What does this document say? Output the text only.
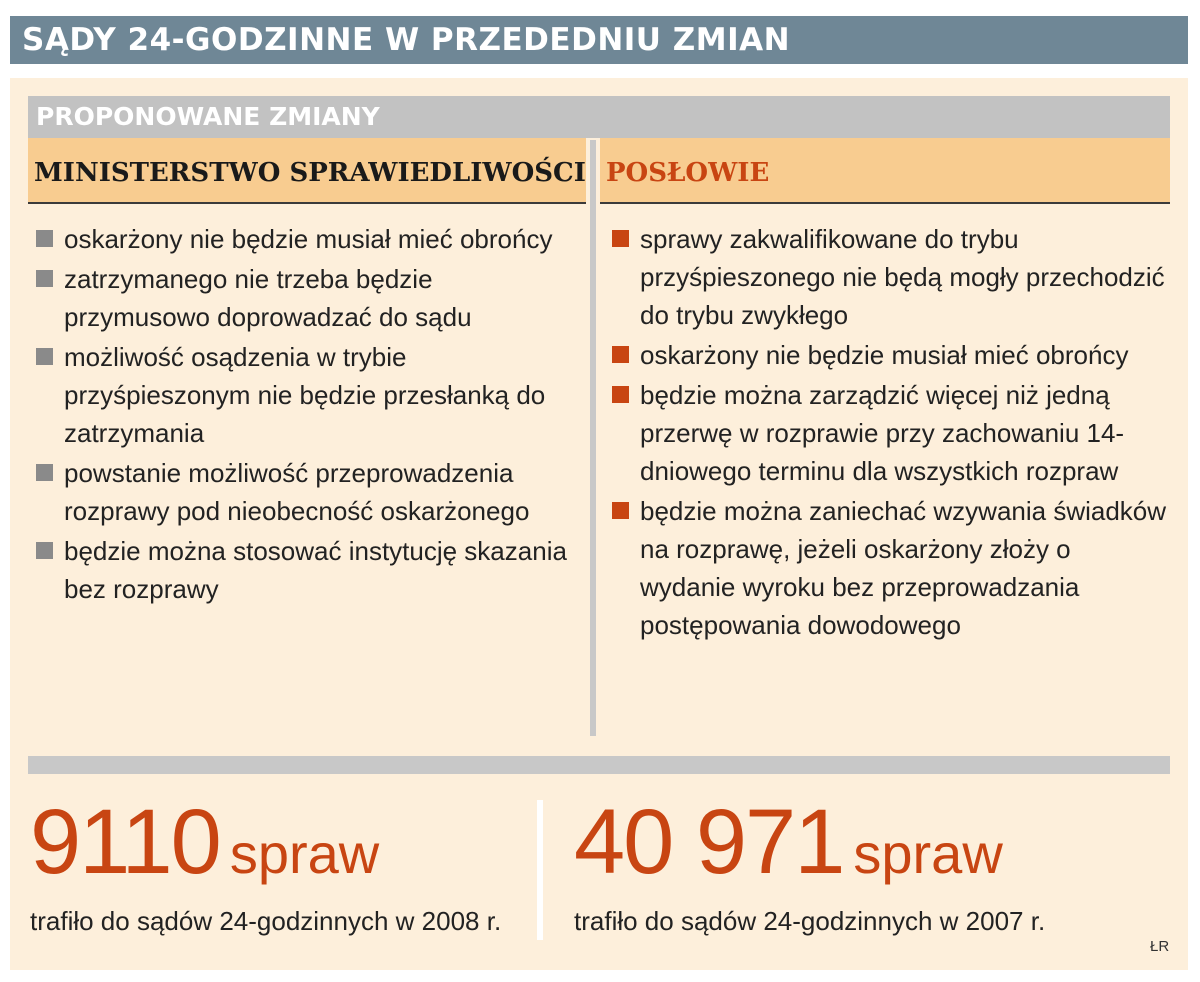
SĄDY 24-GODZINNE W PRZEDEDNIU ZMIAN
PROPONOWANE ZMIANY
MINISTERSTWO SPRAWIEDLIWOŚCI POSŁOWIE
oskarżony nie będzie musiał mieć obrońcy
zatrzymanego nie trzeba będzie przymusowo doprowadzać do sądu
możliwość osądzenia w trybie przyśpieszonym nie będzie przesłanką do zatrzymania
powstanie możliwość przeprowadzenia rozprawy pod nieobecność oskarżonego
będzie można stosować instytucję skazania bez rozprawy
sprawy zakwalifikowane do trybu przyśpieszonego nie będą mogły przechodzić do trybu zwykłego
oskarżony nie będzie musiał mieć obrońcy
będzie można zarządzić więcej niż jedną przerwę w rozprawie przy zachowaniu 14-dniowego terminu dla wszystkich rozpraw
będzie można zaniechać wzywania świadków na rozprawę, jeżeli oskarżony złoży o wydanie wyroku bez przeprowadzania postępowania dowodowego
9110 spraw
trafiło do sądów 24-godzinnych w 2008 r.
40 971 spraw
trafiło do sądów 24-godzinnych w 2007 r.
ŁR
